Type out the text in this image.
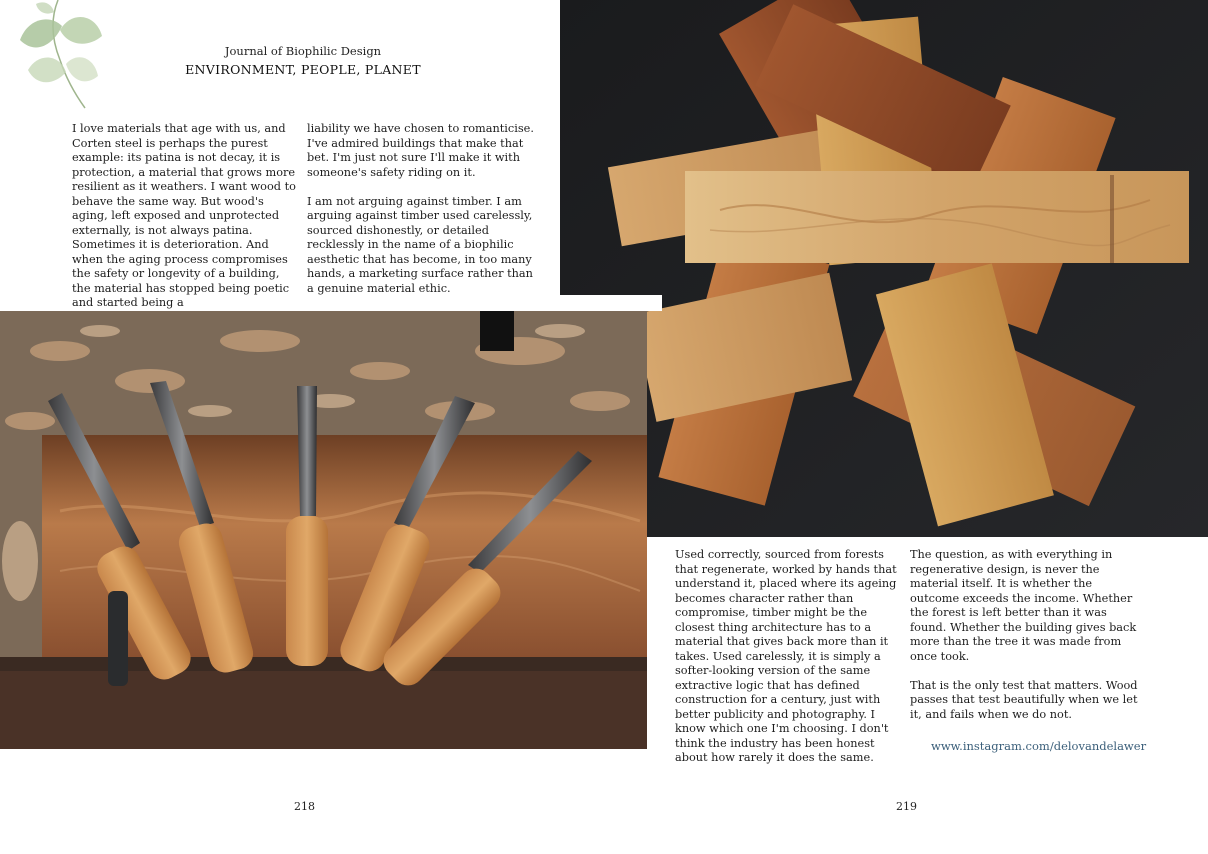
Journal of Biophilic Design
ENVIRONMENT, PEOPLE, PLANET

I love materials that age with us, and Corten steel is perhaps the purest example: its patina is not decay, it is protection, a material that grows more resilient as it weathers. I want wood to behave the same way. But wood's aging, left exposed and unprotected externally, is not always patina. Sometimes it is deterioration. And when the aging process compromises the safety or longevity of a building, the material has stopped being poetic and started being a

liability we have chosen to romanticise. I've admired buildings that make that bet. I'm just not sure I'll make it with someone's safety riding on it.

I am not arguing against timber. I am arguing against timber used carelessly, sourced dishonestly, or detailed recklessly in the name of a biophilic aesthetic that has become, in too many hands, a marketing surface rather than a genuine material ethic.

Used correctly, sourced from forests that regenerate, worked by hands that understand it, placed where its ageing becomes character rather than compromise, timber might be the closest thing architecture has to a material that gives back more than it takes. Used carelessly, it is simply a softer-looking version of the same extractive logic that has defined construction for a century, just with better publicity and photography. I know which one I'm choosing. I don't think the industry has been honest about how rarely it does the same.

The question, as with everything in regenerative design, is never the material itself. It is whether the outcome exceeds the income. Whether the forest is left better than it was found. Whether the building gives back more than the tree it was made from once took.

That is the only test that matters. Wood passes that test beautifully when we let it, and fails when we do not.

www.instagram.com/delovandelawer
218	219
